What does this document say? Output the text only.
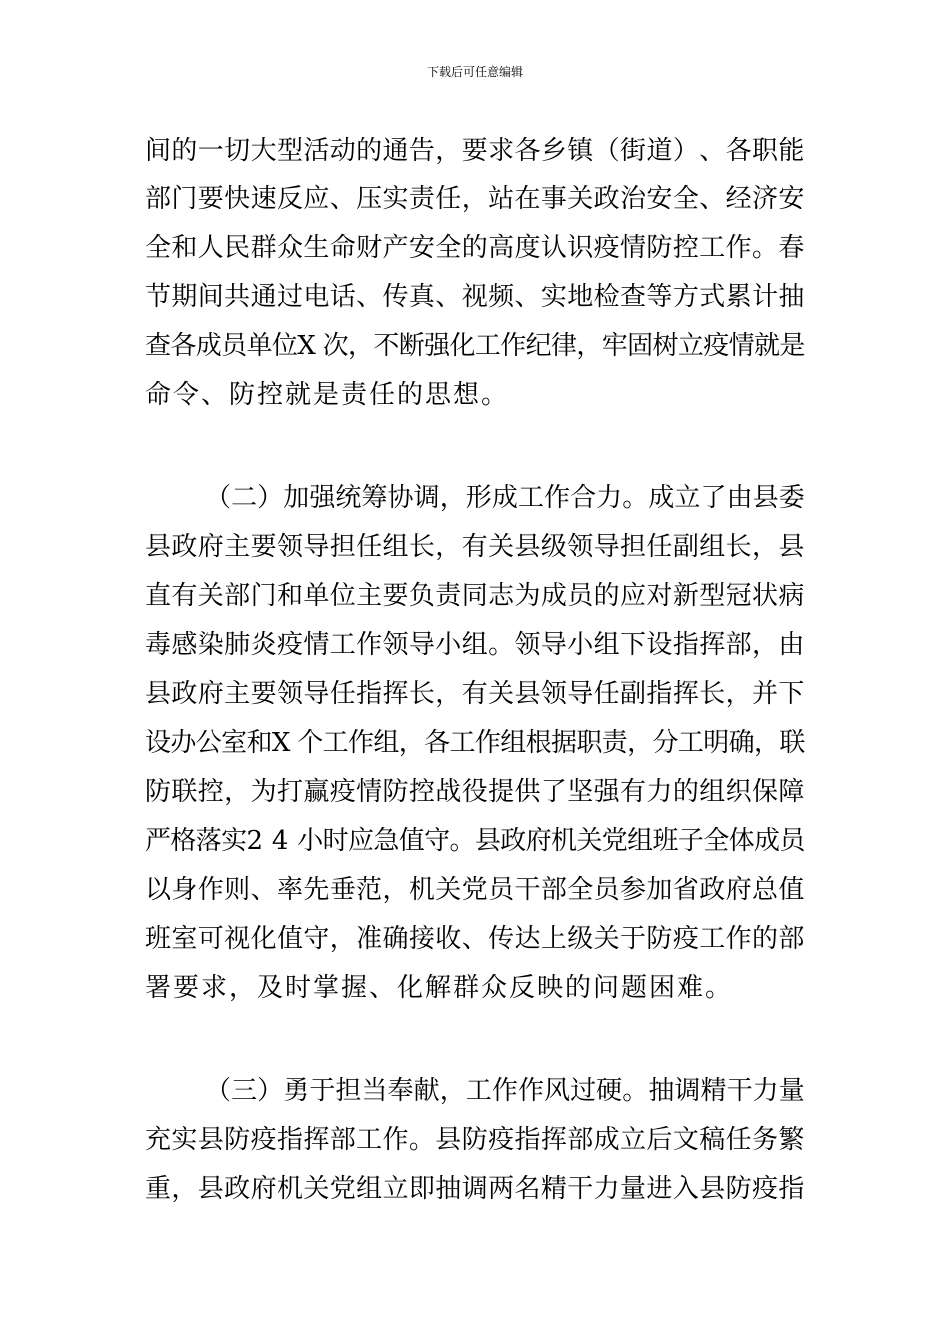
下载后可任意编辑
间的一切大型活动的通告，要求各乡镇（街道）、各职能
部门要快速反应、压实责任，站在事关政治安全、经济安
全和人民群众生命财产安全的高度认识疫情防控工作。春
节期间共通过电话、传真、视频、实地检查等方式累计抽
查各成员单位X 次，不断强化工作纪律，牢固树立疫情就是
命令、防控就是责任的思想。
（二）加强统筹协调，形成工作合力。成立了由县委
县政府主要领导担任组长，有关县级领导担任副组长，县
直有关部门和单位主要负责同志为成员的应对新型冠状病
毒感染肺炎疫情工作领导小组。领导小组下设指挥部，由
县政府主要领导任指挥长，有关县领导任副指挥长，并下
设办公室和X 个工作组，各工作组根据职责，分工明确，联
防联控，为打赢疫情防控战役提供了坚强有力的组织保障
严格落实2 4 小时应急值守。县政府机关党组班子全体成员
以身作则、率先垂范，机关党员干部全员参加省政府总值
班室可视化值守，准确接收、传达上级关于防疫工作的部
署要求，及时掌握、化解群众反映的问题困难。
（三）勇于担当奉献，工作作风过硬。抽调精干力量
充实县防疫指挥部工作。县防疫指挥部成立后文稿任务繁
重，县政府机关党组立即抽调两名精干力量进入县防疫指
